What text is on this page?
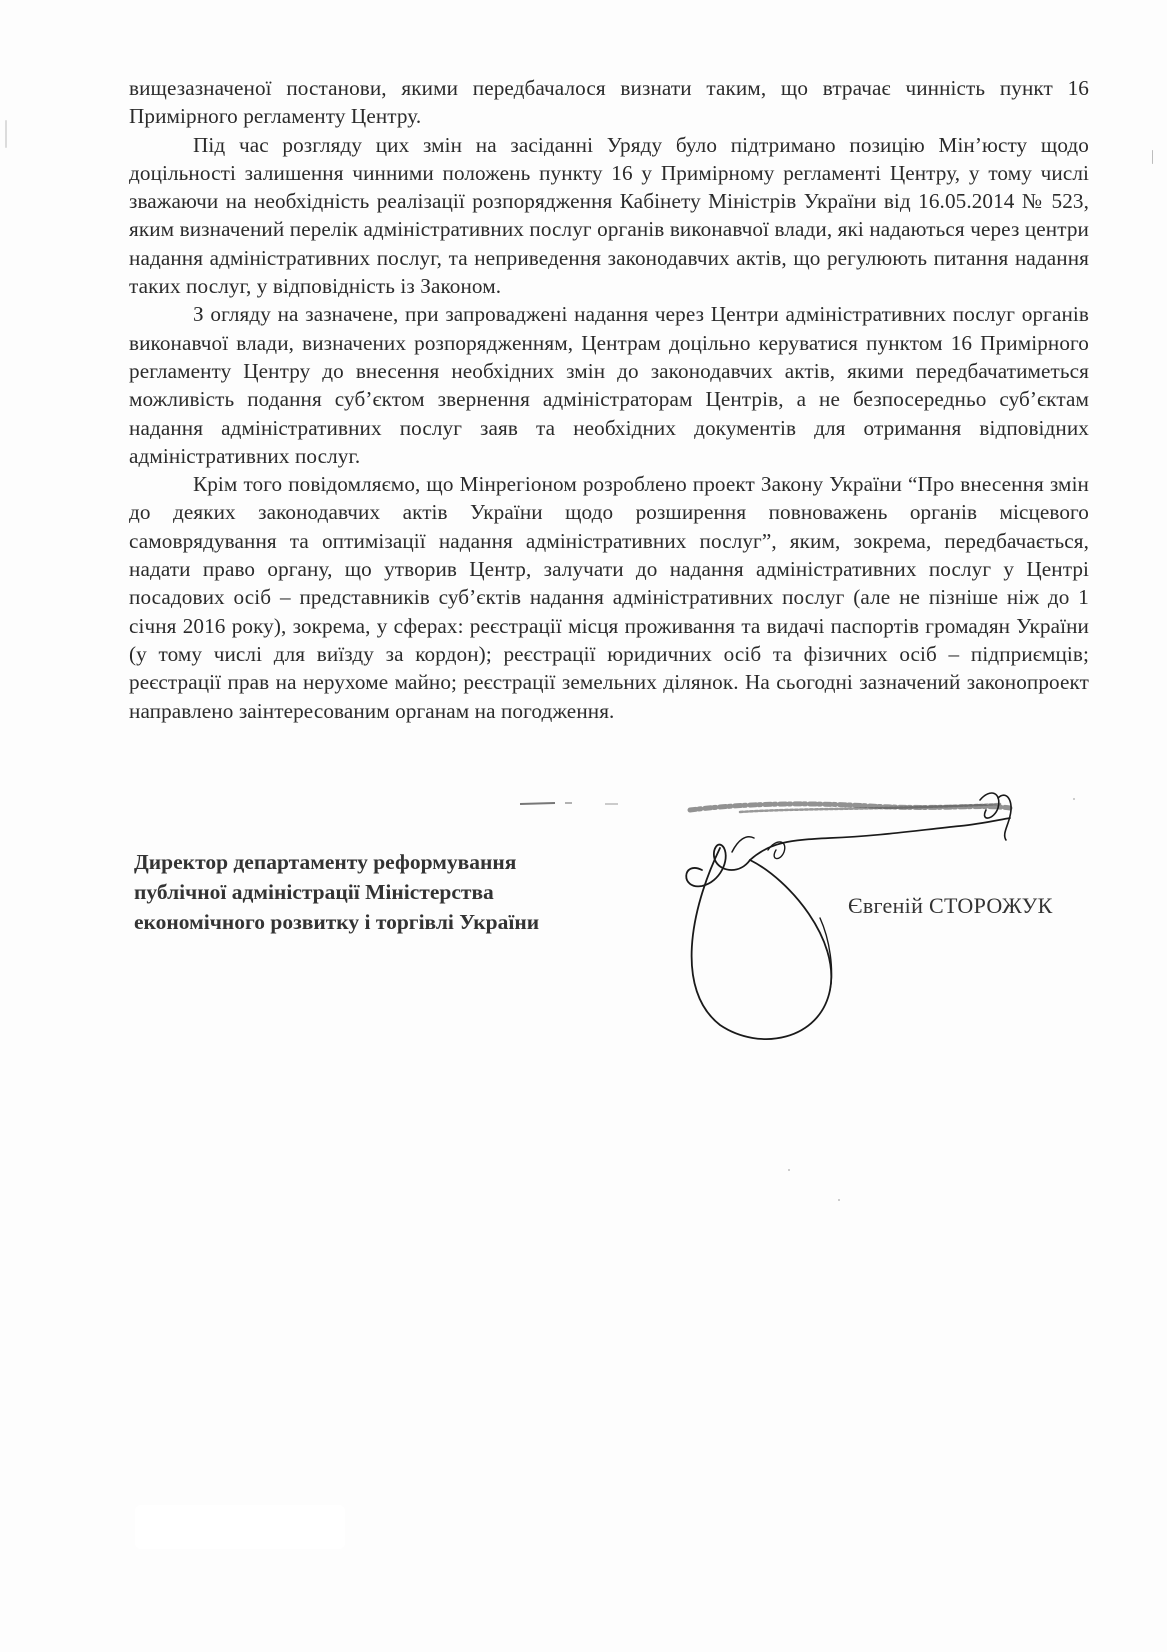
вищезазначеної постанови, якими передбачалося визнати таким, що втрачає чинність пункт 16 Примірного регламенту Центру.

Під час розгляду цих змін на засіданні Уряду було підтримано позицію Мін’юсту щодо доцільності залишення чинними положень пункту 16 у Примірному регламенті Центру, у тому числі зважаючи на необхідність реалізації розпорядження Кабінету Міністрів України від 16.05.2014 № 523, яким визначений перелік адміністративних послуг органів виконавчої влади, які надаються через центри надання адміністративних послуг, та неприведення законодавчих актів, що регулюють питання надання таких послуг, у відповідність із Законом.

З огляду на зазначене, при запроваджені надання через Центри адміністративних послуг органів виконавчої влади, визначених розпорядженням, Центрам доцільно керуватися пунктом 16 Примірного регламенту Центру до внесення необхідних змін до законодавчих актів, якими передбачатиметься можливість подання суб’єктом звернення адміністраторам Центрів, а не безпосередньо суб’єктам надання адміністративних послуг заяв та необхідних документів для отримання відповідних адміністративних послуг.

Крім того повідомляємо, що Мінрегіоном розроблено проект Закону України “Про внесення змін до деяких законодавчих актів України щодо розширення повноважень органів місцевого самоврядування та оптимізації надання адміністративних послуг”, яким, зокрема, передбачається, надати право органу, що утворив Центр, залучати до надання адміністративних послуг у Центрі посадових осіб – представників суб’єктів надання адміністративних послуг (але не пізніше ніж до 1 січня 2016 року), зокрема, у сферах: реєстрації місця проживання та видачі паспортів громадян України (у тому числі для виїзду за кордон); реєстрації юридичних осіб та фізичних осіб – підприємців; реєстрації прав на нерухоме майно; реєстрації земельних ділянок. На сьогодні зазначений законопроект направлено заінтересованим органам на погодження.

Директор департаменту реформування
публічної адміністрації Міністерства
економічного розвитку і торгівлі України
Євгеній СТОРОЖУК
